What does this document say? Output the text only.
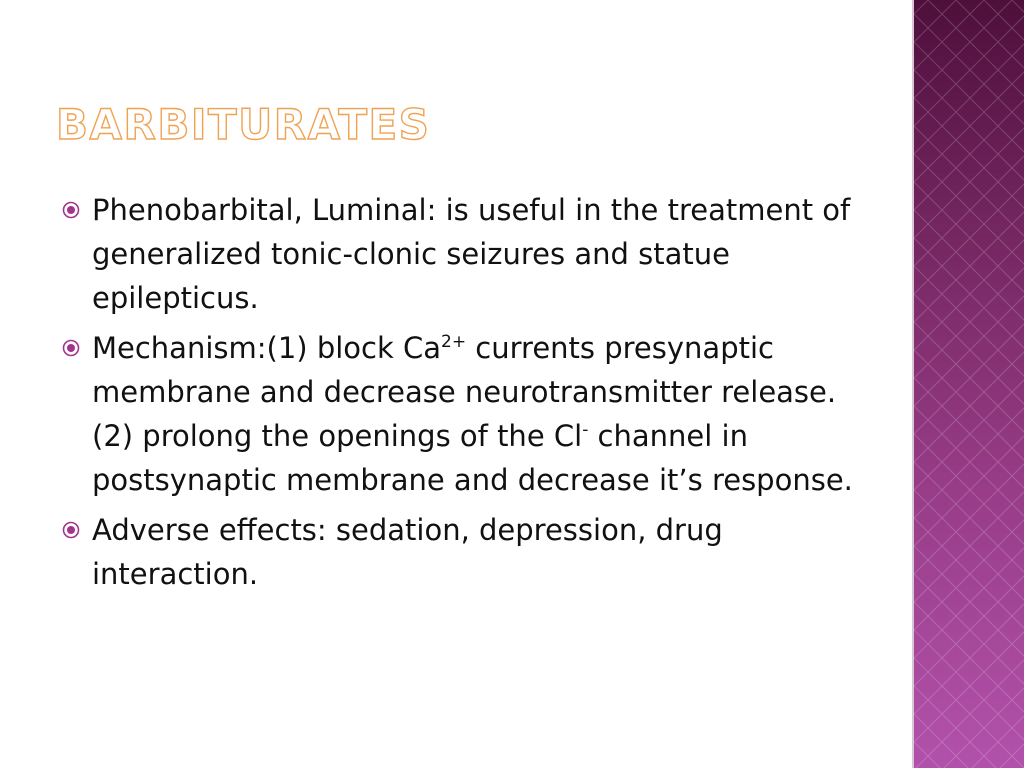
BARBITURATES
Phenobarbital, Luminal: is useful in the treatment of generalized tonic-clonic seizures and statue epilepticus.
Mechanism:(1) block $Ca^{2+}$ currents presynaptic membrane and decrease neurotransmitter release.(2) prolong the openings of the Cl- channel in postsynaptic membrane and decrease it’s response.
Adverse effects: sedation, depression, drug interaction.
